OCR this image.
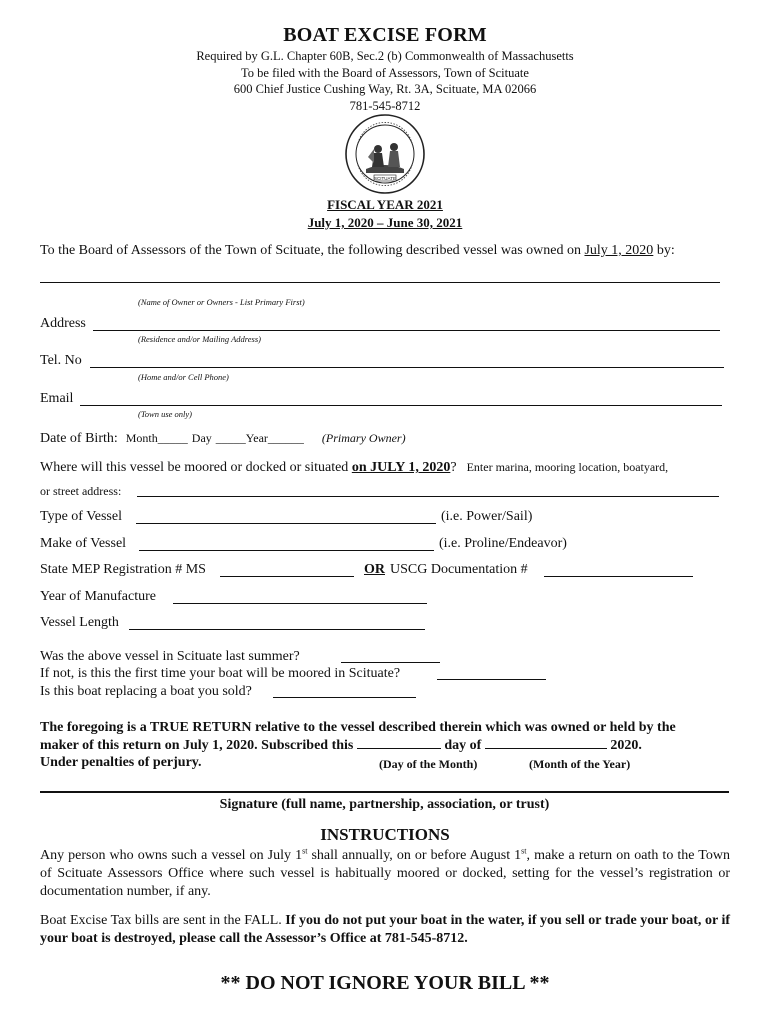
BOAT EXCISE FORM
Required by G.L. Chapter 60B, Sec.2 (b) Commonwealth of Massachusetts
To be filed with the Board of Assessors, Town of Scituate
600 Chief Justice Cushing Way, Rt. 3A, Scituate, MA 02066
781-545-8712
SCITUATE
FISCAL YEAR 2021
July 1, 2020 – June 30, 2021
To the Board of Assessors of the Town of Scituate, the following described vessel was owned on July 1, 2020 by:
(Name of Owner or Owners - List Primary First)
Address
(Residence and/or Mailing Address)
Tel. No
(Home and/or Cell Phone)
Email
(Town use only)
Date of Birth: Month_____ Day _____Year______ (Primary Owner)
Where will this vessel be moored or docked or situated on JULY 1, 2020? Enter marina, mooring location, boatyard,
or street address:
Type of Vessel	(i.e. Power/Sail)
Make of Vessel	(i.e. Proline/Endeavor)
State MEP Registration # MS	OR USCG Documentation #
Year of Manufacture
Vessel Length
Was the above vessel in Scituate last summer?
If not, is this the first time your boat will be moored in Scituate?
Is this boat replacing a boat you sold?
The foregoing is a TRUE RETURN relative to the vessel described therein which was owned or held by the
maker of this return on July 1, 2020. Subscribed this	day of	2020.
Under penalties of perjury.	(Day of the Month)	(Month of the Year)
Signature (full name, partnership, association, or trust)
INSTRUCTIONS
Any person who owns such a vessel on July 1st shall annually, on or before August 1st, make a return on oath to the Town of Scituate Assessors Office where such vessel is habitually moored or docked, setting for the vessel’s registration or documentation number, if any.
Boat Excise Tax bills are sent in the FALL. If you do not put your boat in the water, if you sell or trade your boat, or if your boat is destroyed, please call the Assessor’s Office at 781-545-8712.
** DO NOT IGNORE YOUR BILL **
